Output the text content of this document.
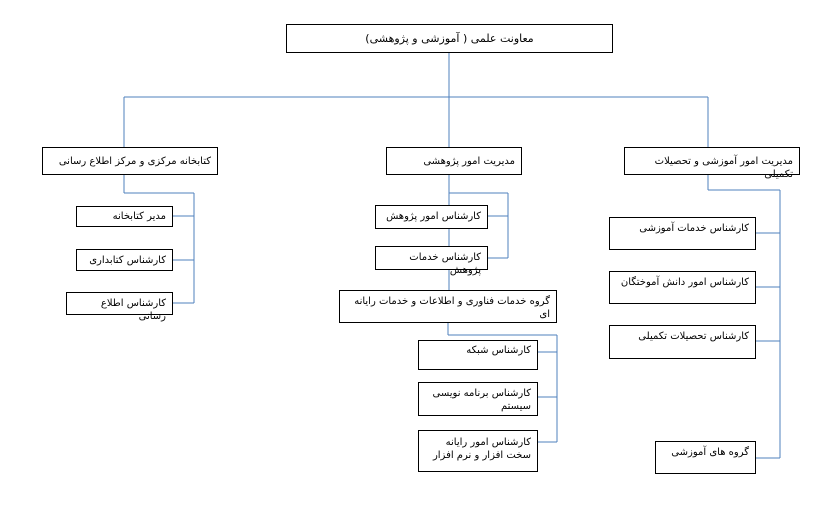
معاونت علمی ( آموزشی و پژوهشی)
مدیریت امور آموزشی و تحصیلات تکمیلی
مدیریت امور پژوهشی
کتابخانه مرکزی و مرکز اطلاع رسانی
مدیر کتابخانه
کارشناس کتابداری
کارشناس اطلاع رسانی
کارشناس امور پژوهش
کارشناس خدمات پژوهش
گروه خدمات فناوری و اطلاعات و خدمات رایانه ای
کارشناس شبکه
کارشناس برنامه نویسی
سیستم
کارشناس امور رایانه
سخت افزار و نرم افزار
کارشناس خدمات آموزشی
کارشناس امور دانش آموختگان
کارشناس تحصیلات تکمیلی
گروه های آموزشی
